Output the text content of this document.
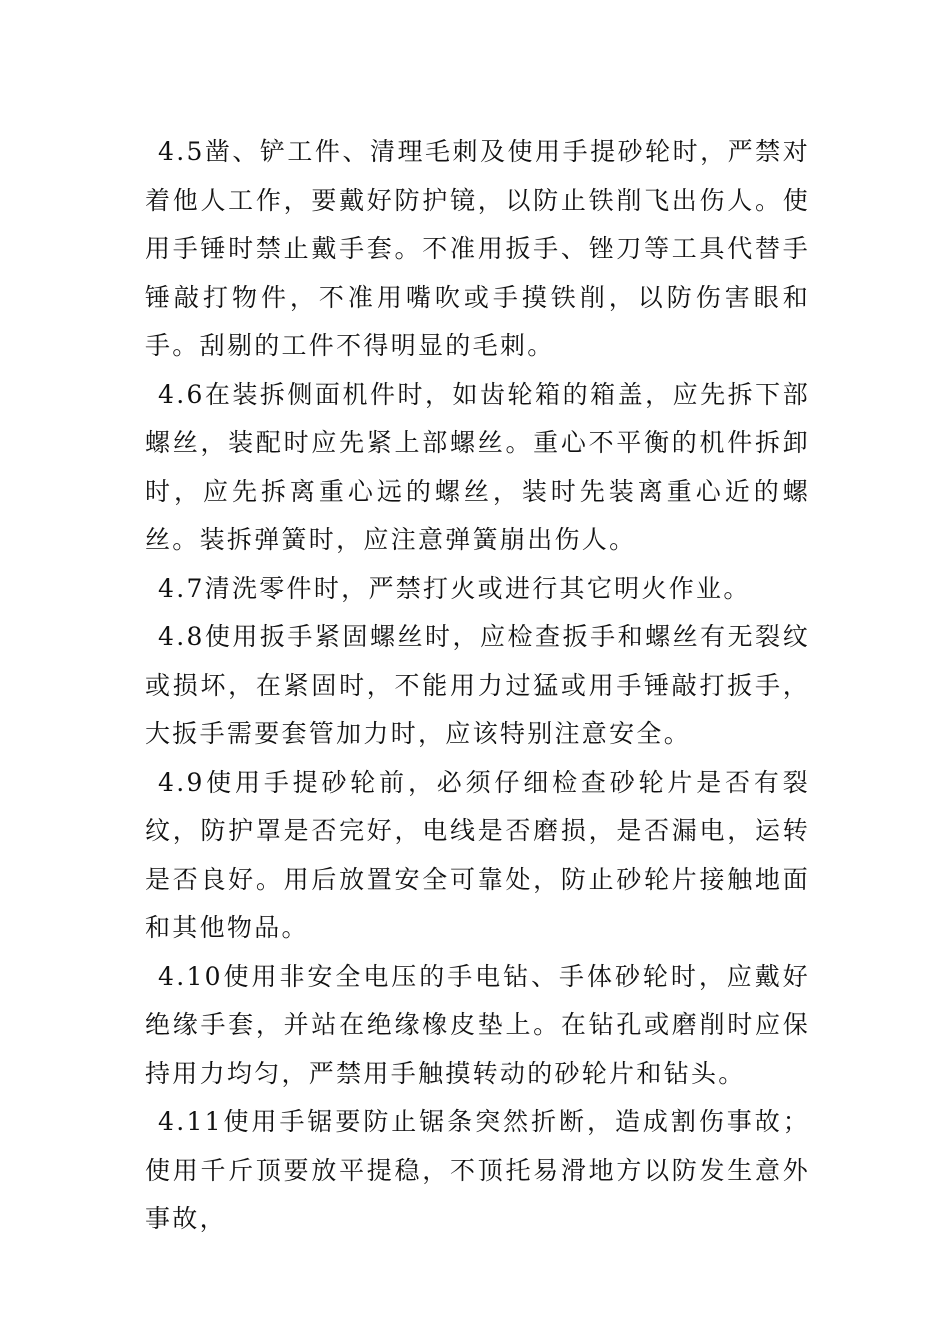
4.5凿、铲工件、清理毛刺及使用手提砂轮时，严禁对着他人工作，要戴好防护镜，以防止铁削飞出伤人。使用手锤时禁止戴手套。不准用扳手、锉刀等工具代替手锤敲打物件，不准用嘴吹或手摸铁削，以防伤害眼和手。刮剔的工件不得明显的毛刺。

4.6在装拆侧面机件时，如齿轮箱的箱盖，应先拆下部螺丝，装配时应先紧上部螺丝。重心不平衡的机件拆卸时，应先拆离重心远的螺丝，装时先装离重心近的螺丝。装拆弹簧时，应注意弹簧崩出伤人。

4.7清洗零件时，严禁打火或进行其它明火作业。

4.8使用扳手紧固螺丝时，应检查扳手和螺丝有无裂纹或损坏，在紧固时，不能用力过猛或用手锤敲打扳手，大扳手需要套管加力时，应该特别注意安全。

4.9使用手提砂轮前，必须仔细检查砂轮片是否有裂纹，防护罩是否完好，电线是否磨损，是否漏电，运转是否良好。用后放置安全可靠处，防止砂轮片接触地面和其他物品。

4.10使用非安全电压的手电钻、手体砂轮时，应戴好绝缘手套，并站在绝缘橡皮垫上。在钻孔或磨削时应保持用力均匀，严禁用手触摸转动的砂轮片和钻头。

4.11使用手锯要防止锯条突然折断，造成割伤事故；使用千斤顶要放平提稳，不顶托易滑地方以防发生意外事故，
